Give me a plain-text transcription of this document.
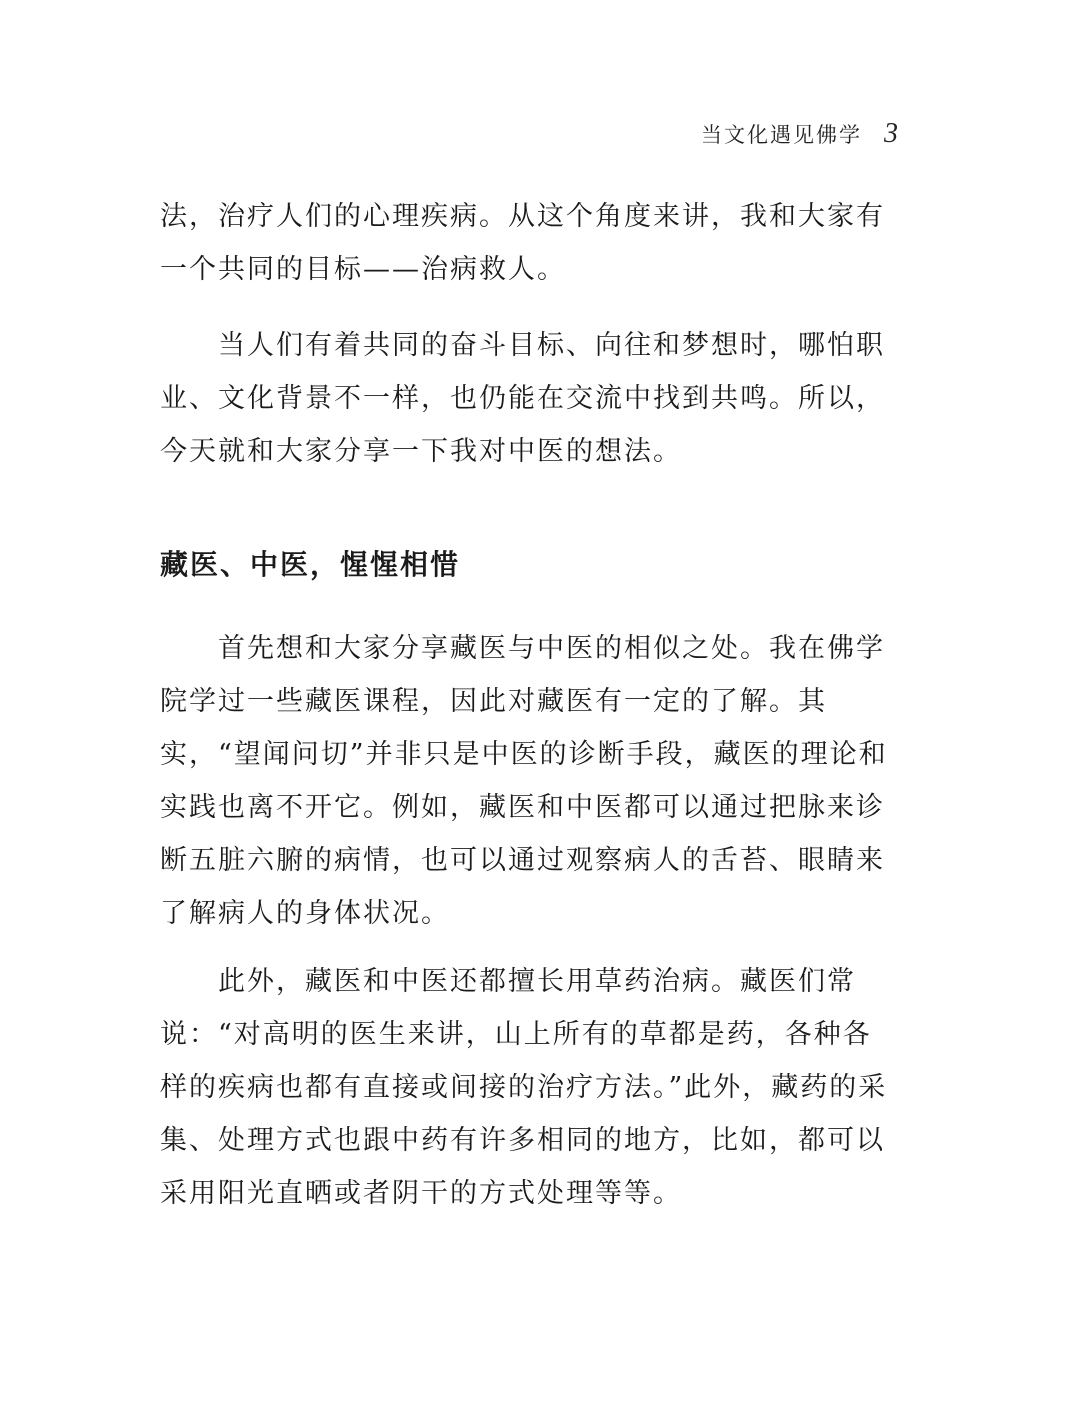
当文化遇见佛学 3

法，治疗人们的心理疾病。从这个角度来讲，我和大家有一个共同的目标——治病救人。

当人们有着共同的奋斗目标、向往和梦想时，哪怕职业、文化背景不一样，也仍能在交流中找到共鸣。所以，今天就和大家分享一下我对中医的想法。

藏医、中医，惺惺相惜

首先想和大家分享藏医与中医的相似之处。我在佛学院学过一些藏医课程，因此对藏医有一定的了解。其实，“望闻问切”并非只是中医的诊断手段，藏医的理论和实践也离不开它。例如，藏医和中医都可以通过把脉来诊断五脏六腑的病情，也可以通过观察病人的舌苔、眼睛来了解病人的身体状况。

此外，藏医和中医还都擅长用草药治病。藏医们常说：“对高明的医生来讲，山上所有的草都是药，各种各样的疾病也都有直接或间接的治疗方法。”此外，藏药的采集、处理方式也跟中药有许多相同的地方，比如，都可以采用阳光直晒或者阴干的方式处理等等。
